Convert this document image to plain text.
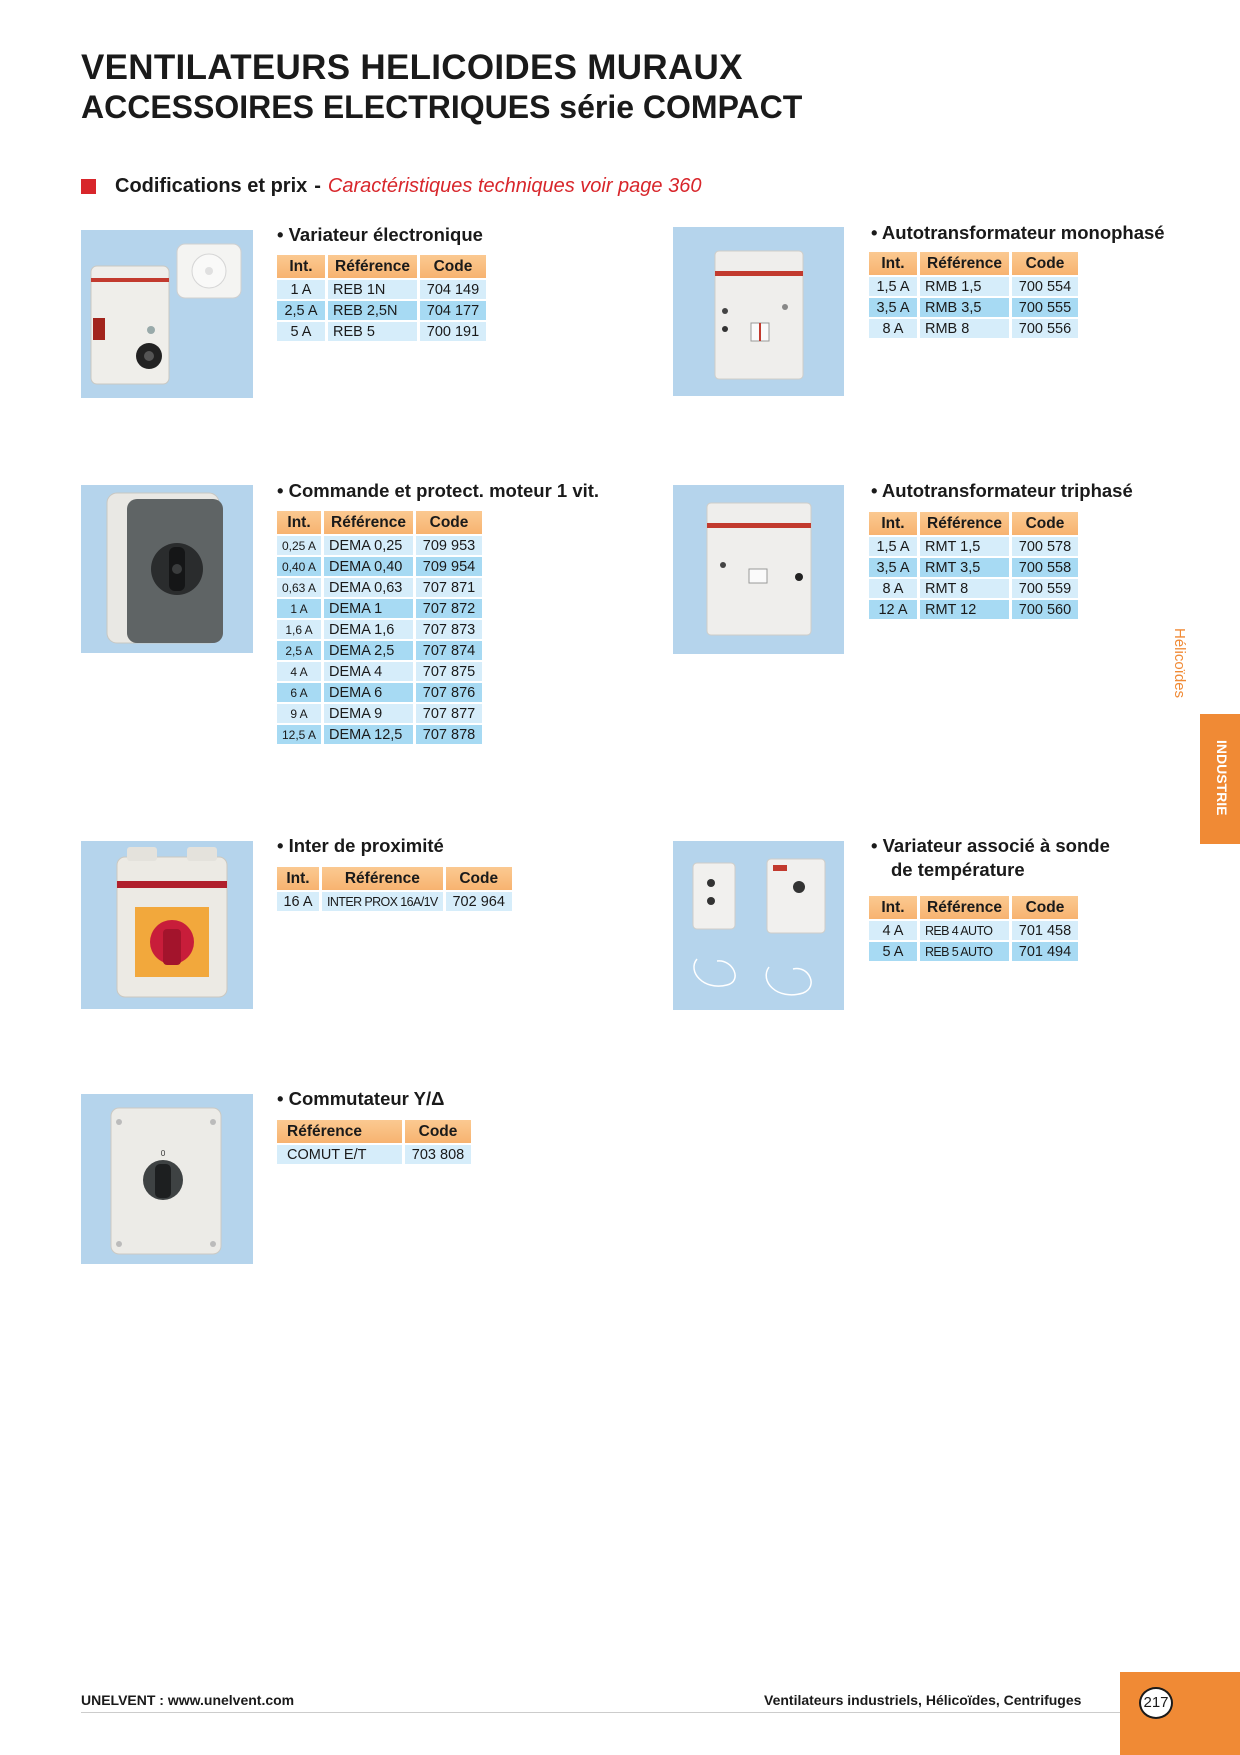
VENTILATEURS HELICOIDES MURAUX
ACCESSOIRES ELECTRIQUES série COMPACT
Codifications et prix - Caractéristiques techniques voir page 360
• Variateur électronique
Int.	Référence	Code
1 A	REB 1N	704 149
2,5 A	REB 2,5N	704 177
5 A	REB 5	700 191
• Autotransformateur monophasé
Int.	Référence	Code
1,5 A	RMB 1,5	700 554
3,5 A	RMB 3,5	700 555
8 A	RMB 8	700 556
• Commande et protect. moteur 1 vit.
Int.	Référence	Code
0,25 A	DEMA 0,25	709 953
0,40 A	DEMA 0,40	709 954
0,63 A	DEMA 0,63	707 871
1 A	DEMA 1	707 872
1,6 A	DEMA 1,6	707 873
2,5 A	DEMA 2,5	707 874
4 A	DEMA 4	707 875
6 A	DEMA 6	707 876
9 A	DEMA 9	707 877
12,5 A	DEMA 12,5	707 878
• Autotransformateur triphasé
Int.	Référence	Code
1,5 A	RMT 1,5	700 578
3,5 A	RMT 3,5	700 558
8 A	RMT 8	700 559
12 A	RMT 12	700 560
• Inter de proximité
Int.	Référence	Code
16 A	INTER PROX 16A/1V	702 964
• Variateur associé à sonde
de température
Int.	Référence	Code
4 A	REB 4 AUTO	701 458
5 A	REB 5 AUTO	701 494
0
• Commutateur Y/Δ
Référence	Code
COMUT E/T	703 808
Hélicoïdes
INDUSTRIE
UNELVENT : www.unelvent.com	Ventilateurs industriels, Hélicoïdes, Centrifuges	217
